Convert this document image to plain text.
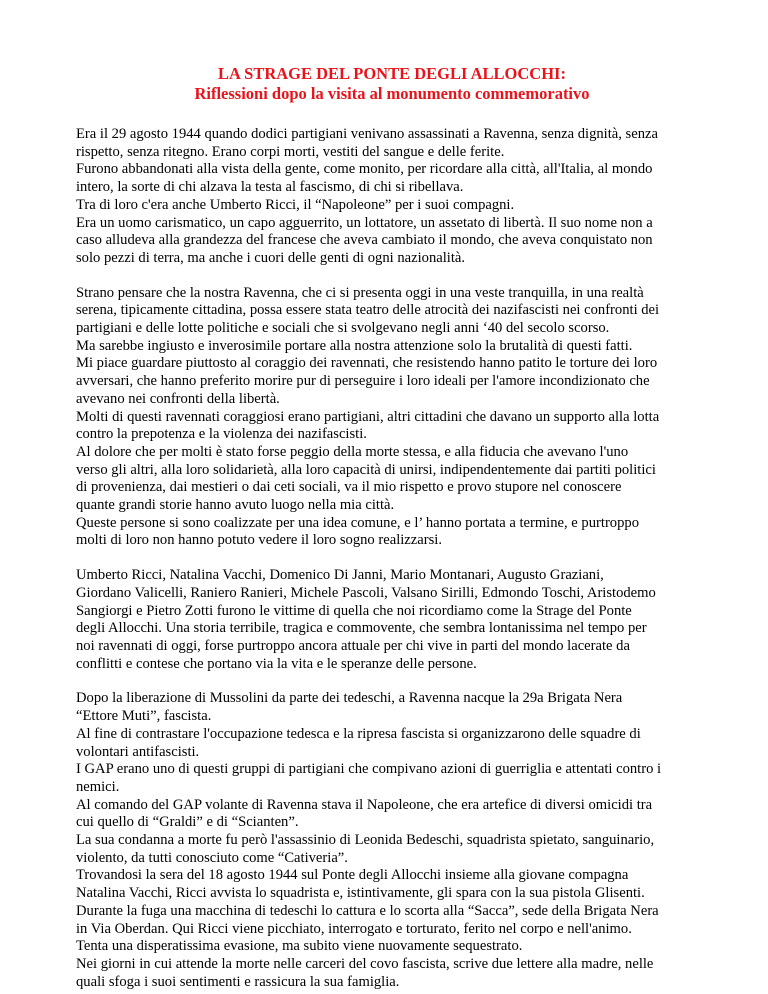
LA STRAGE DEL PONTE DEGLI ALLOCCHI:
Riflessioni dopo la visita al monumento commemorativo
Era il 29 agosto 1944 quando dodici partigiani venivano assassinati a Ravenna, senza dignità, senza
rispetto, senza ritegno. Erano corpi morti, vestiti del sangue e delle ferite.
Furono abbandonati alla vista della gente, come monito, per ricordare alla città, all'Italia, al mondo
intero, la sorte di chi alzava la testa al fascismo, di chi si ribellava.
Tra di loro c'era anche Umberto Ricci, il “Napoleone” per i suoi compagni.
Era un uomo carismatico, un capo agguerrito, un lottatore, un assetato di libertà. Il suo nome non a
caso alludeva alla grandezza del francese che aveva cambiato il mondo, che aveva conquistato non
solo pezzi di terra, ma anche i cuori delle genti di ogni nazionalità.
Strano pensare che la nostra Ravenna, che ci si presenta oggi in una veste tranquilla, in una realtà
serena, tipicamente cittadina, possa essere stata teatro delle atrocità dei nazifascisti nei confronti dei
partigiani e delle lotte politiche e sociali che si svolgevano negli anni ‘40 del secolo scorso.
Ma sarebbe ingiusto e inverosimile portare alla nostra attenzione solo la brutalità di questi fatti.
Mi piace guardare piuttosto al coraggio dei ravennati, che resistendo hanno patito le torture dei loro
avversari, che hanno preferito morire pur di perseguire i loro ideali per l'amore incondizionato che
avevano nei confronti della libertà.
Molti di questi ravennati coraggiosi erano partigiani, altri cittadini che davano un supporto alla lotta
contro la prepotenza e la violenza dei nazifascisti.
Al dolore che per molti è stato forse peggio della morte stessa, e alla fiducia che avevano l'uno
verso gli altri, alla loro solidarietà, alla loro capacità di unirsi, indipendentemente dai partiti politici
di provenienza, dai mestieri o dai ceti sociali, va il mio rispetto e provo stupore nel conoscere
quante grandi storie hanno avuto luogo nella mia città.
Queste persone si sono coalizzate per una idea comune, e l’ hanno portata a termine, e purtroppo
molti di loro non hanno potuto vedere il loro sogno realizzarsi.
Umberto Ricci, Natalina Vacchi, Domenico Di Janni, Mario Montanari, Augusto Graziani,
Giordano Valicelli, Raniero Ranieri, Michele Pascoli, Valsano Sirilli, Edmondo Toschi, Aristodemo
Sangiorgi e Pietro Zotti furono le vittime di quella che noi ricordiamo come la Strage del Ponte
degli Allocchi. Una storia terribile, tragica e commovente, che sembra lontanissima nel tempo per
noi ravennati di oggi, forse purtroppo ancora attuale per chi vive in parti del mondo lacerate da
conflitti e contese che portano via la vita e le speranze delle persone.
Dopo la liberazione di Mussolini da parte dei tedeschi, a Ravenna nacque la 29a Brigata Nera
“Ettore Muti”, fascista.
Al fine di contrastare l'occupazione tedesca e la ripresa fascista si organizzarono delle squadre di
volontari antifascisti.
I GAP erano uno di questi gruppi di partigiani che compivano azioni di guerriglia e attentati contro i
nemici.
Al comando del GAP volante di Ravenna stava il Napoleone, che era artefice di diversi omicidi tra
cui quello di “Graldi” e di “Scianten”.
La sua condanna a morte fu però l'assassinio di Leonida Bedeschi, squadrista spietato, sanguinario,
violento, da tutti conosciuto come “Cativeria”.
Trovandosi la sera del 18 agosto 1944 sul Ponte degli Allocchi insieme alla giovane compagna
Natalina Vacchi, Ricci avvista lo squadrista e, istintivamente, gli spara con la sua pistola Glisenti.
Durante la fuga una macchina di tedeschi lo cattura e lo scorta alla “Sacca”, sede della Brigata Nera
in Via Oberdan. Qui Ricci viene picchiato, interrogato e torturato, ferito nel corpo e nell'animo.
Tenta una disperatissima evasione, ma subito viene nuovamente sequestrato.
Nei giorni in cui attende la morte nelle carceri del covo fascista, scrive due lettere alla madre, nelle
quali sfoga i suoi sentimenti e rassicura la sua famiglia.
